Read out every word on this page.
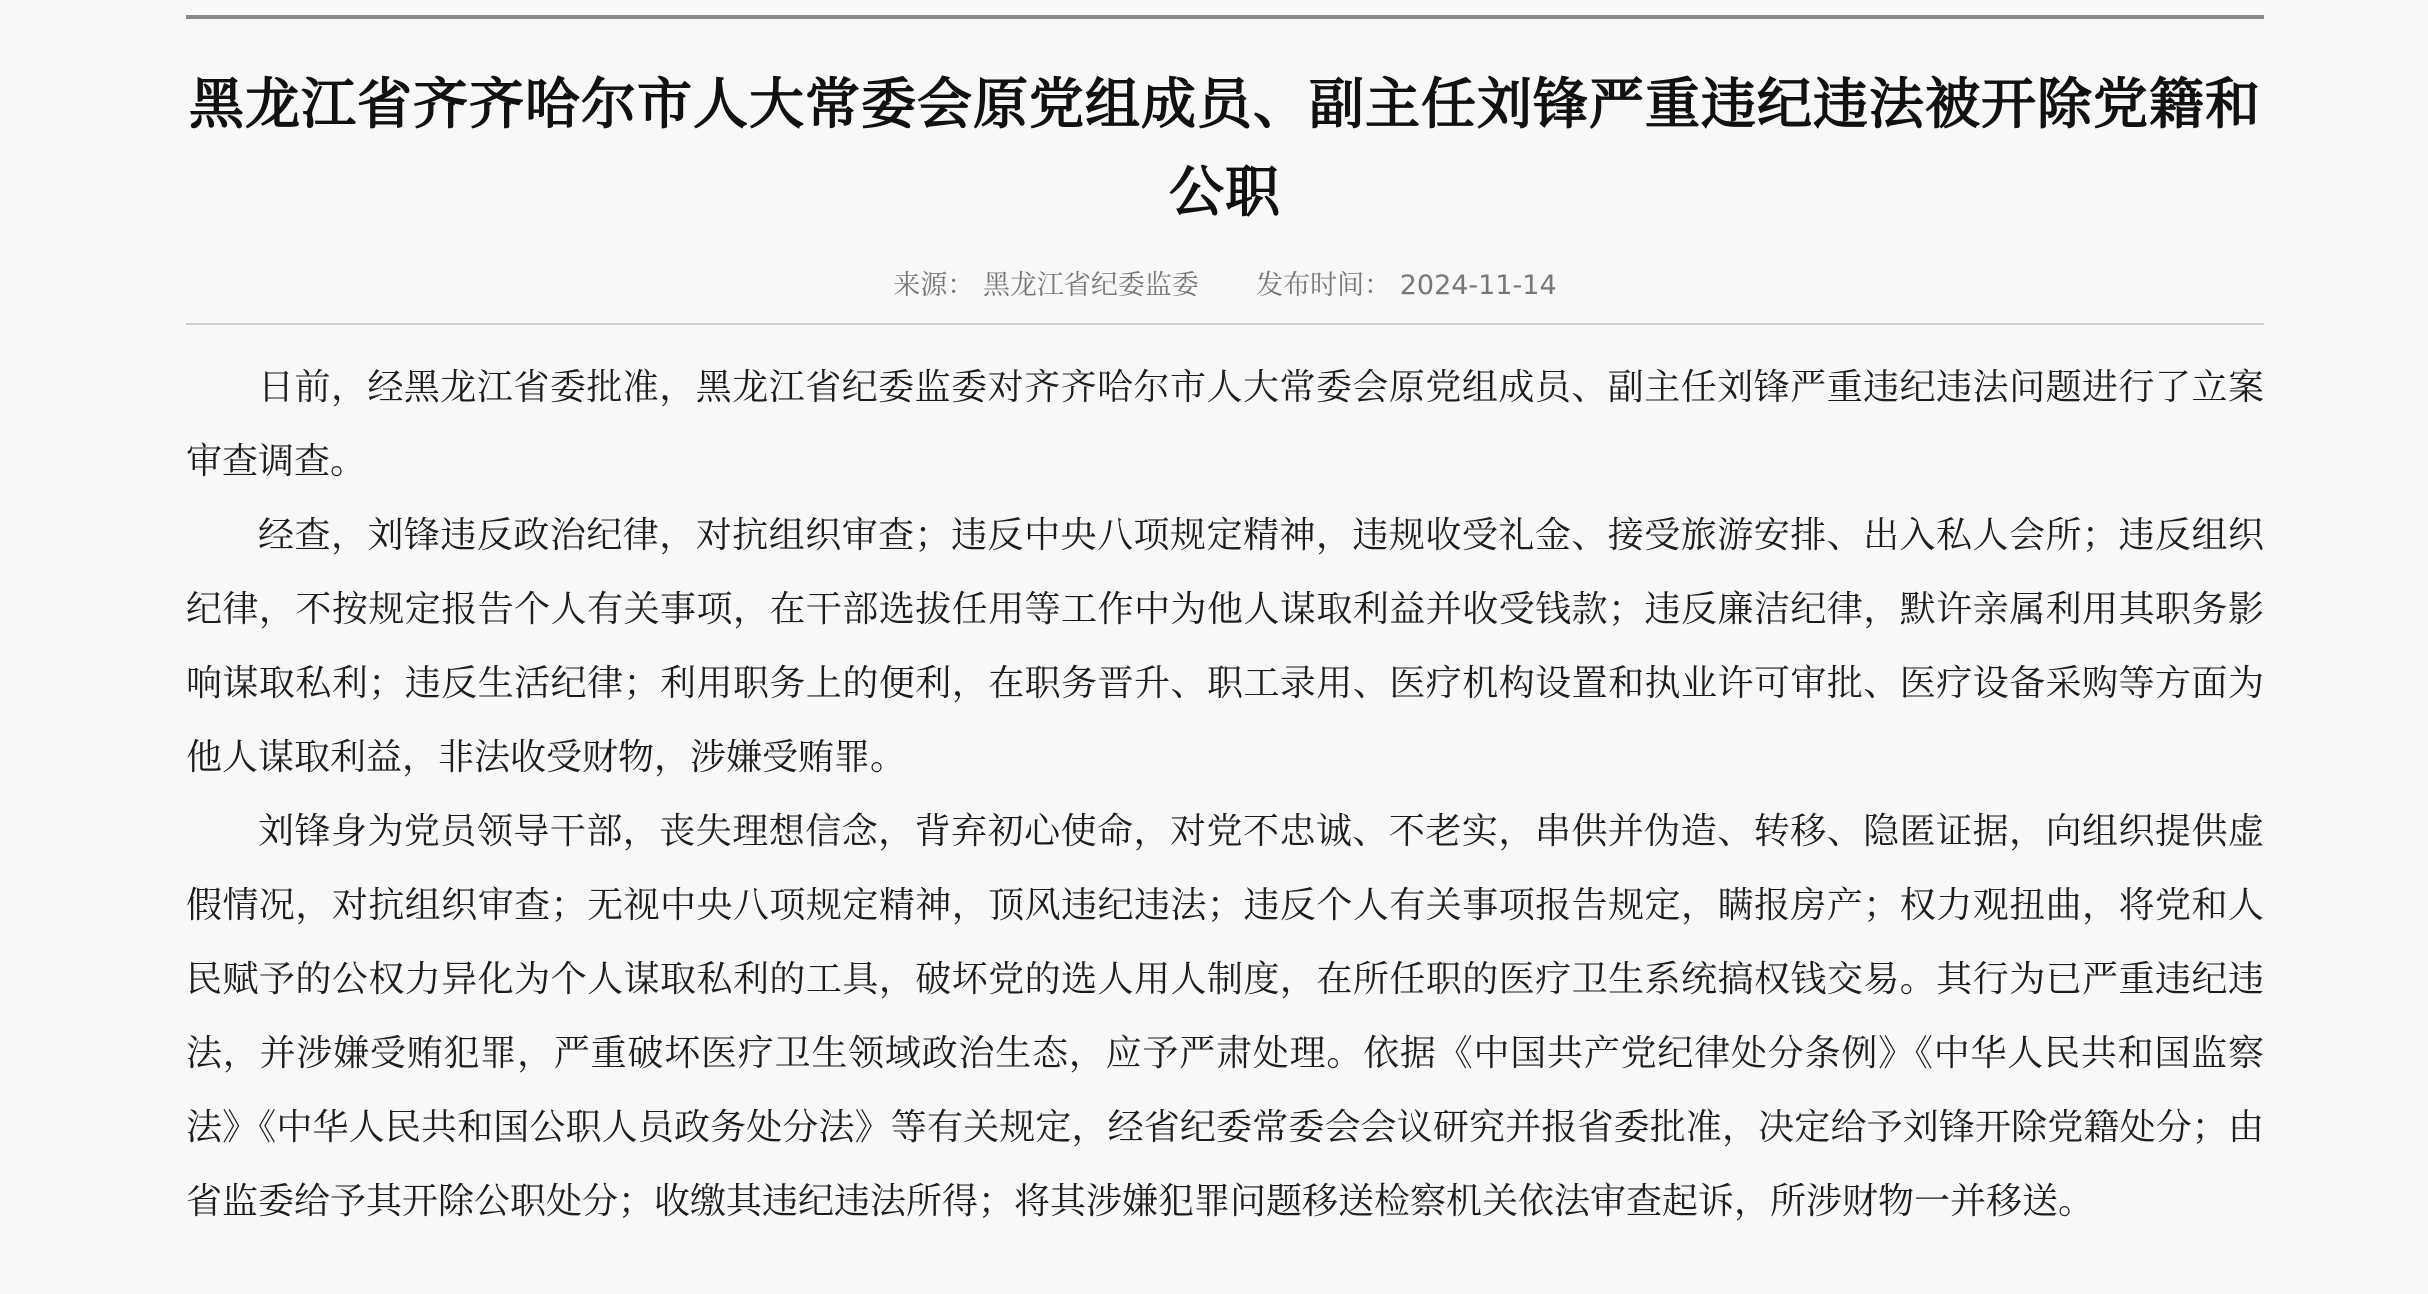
黑龙江省齐齐哈尔市人大常委会原党组成员、副主任刘锋严重违纪违法被开除党籍和公职
来源： 黑龙江省纪委监委 发布时间： 2024-11-14

日前，经黑龙江省委批准，黑龙江省纪委监委对齐齐哈尔市人大常委会原党组成员、副主任刘锋严重违纪违法问题进行了立案审查调查。

经查，刘锋违反政治纪律，对抗组织审查；违反中央八项规定精神，违规收受礼金、接受旅游安排、出入私人会所；违反组织纪律，不按规定报告个人有关事项，在干部选拔任用等工作中为他人谋取利益并收受钱款；违反廉洁纪律，默许亲属利用其职务影响谋取私利；违反生活纪律；利用职务上的便利，在职务晋升、职工录用、医疗机构设置和执业许可审批、医疗设备采购等方面为他人谋取利益，非法收受财物，涉嫌受贿罪。

刘锋身为党员领导干部，丧失理想信念，背弃初心使命，对党不忠诚、不老实，串供并伪造、转移、隐匿证据，向组织提供虚假情况，对抗组织审查；无视中央八项规定精神，顶风违纪违法；违反个人有关事项报告规定，瞒报房产；权力观扭曲，将党和人民赋予的公权力异化为个人谋取私利的工具，破坏党的选人用人制度，在所任职的医疗卫生系统搞权钱交易。其行为已严重违纪违法，并涉嫌受贿犯罪，严重破坏医疗卫生领域政治生态，应予严肃处理。依据《中国共产党纪律处分条例》《中华人民共和国监察法》《中华人民共和国公职人员政务处分法》等有关规定，经省纪委常委会会议研究并报省委批准，决定给予刘锋开除党籍处分；由省监委给予其开除公职处分；收缴其违纪违法所得；将其涉嫌犯罪问题移送检察机关依法审查起诉，所涉财物一并移送。
